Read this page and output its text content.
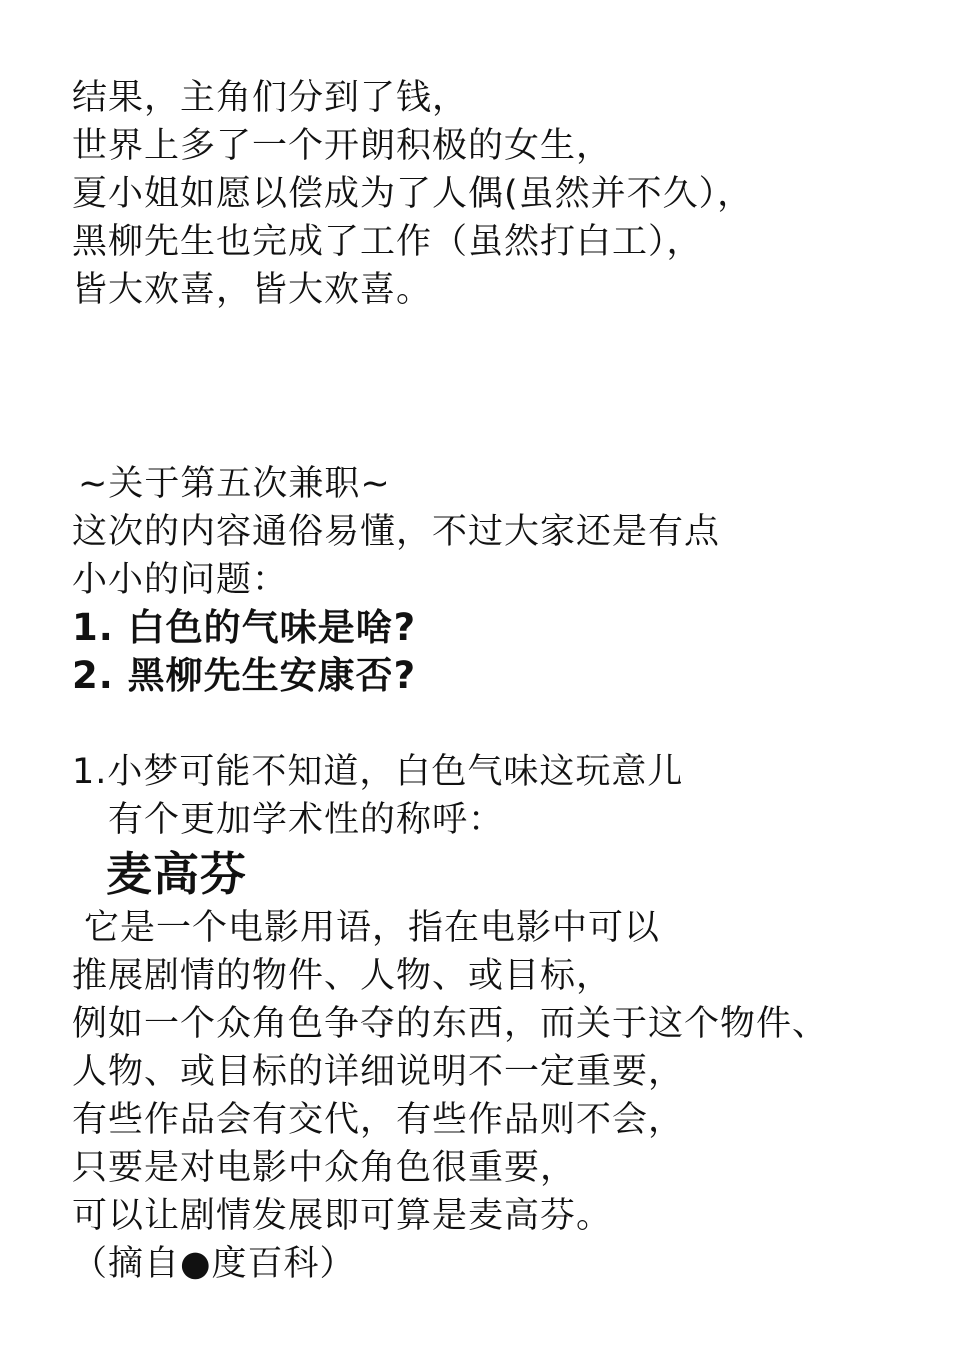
结果，主角们分到了钱，
世界上多了一个开朗积极的女生，
夏小姐如愿以偿成为了人偶(虽然并不久），
黑柳先生也完成了工作（虽然打白工），
皆大欢喜，皆大欢喜。
~关于第五次兼职~
这次的内容通俗易懂，不过大家还是有点
小小的问题：
1. 白色的气味是啥?
2. 黑柳先生安康否?
1.小梦可能不知道，白色气味这玩意儿
有个更加学术性的称呼：
麦高芬
它是一个电影用语，指在电影中可以
推展剧情的物件、人物、或目标，
例如一个众角色争夺的东西，而关于这个物件、
人物、或目标的详细说明不一定重要，
有些作品会有交代，有些作品则不会，
只要是对电影中众角色很重要，
可以让剧情发展即可算是麦高芬。
（摘自●度百科）
